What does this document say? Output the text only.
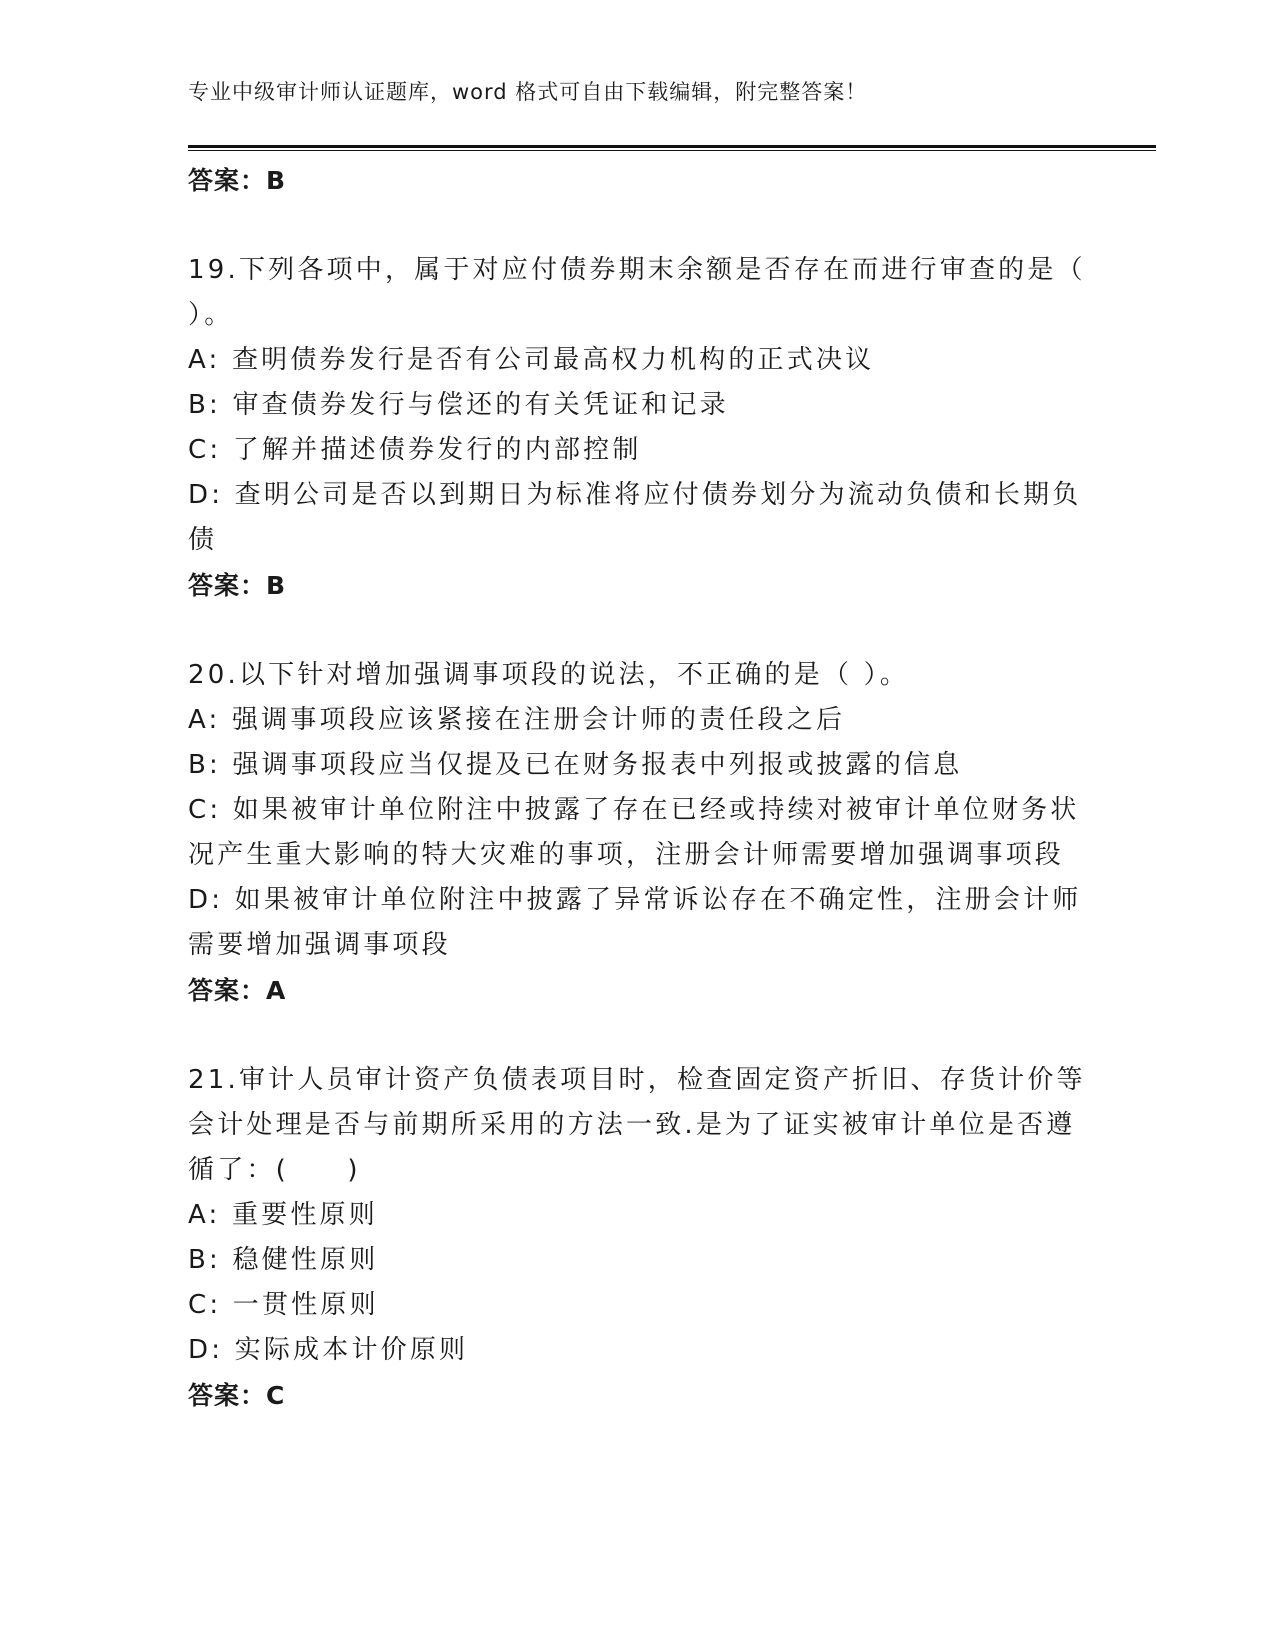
专业中级审计师认证题库，word 格式可自由下载编辑，附完整答案！
答案：B
19.下列各项中，属于对应付债券期末余额是否存在而进行审查的是（
）。
A: 查明债券发行是否有公司最高权力机构的正式决议
B: 审查债券发行与偿还的有关凭证和记录
C: 了解并描述债券发行的内部控制
D: 查明公司是否以到期日为标准将应付债券划分为流动负债和长期负
债
答案：B
20.以下针对增加强调事项段的说法，不正确的是（ ）。
A: 强调事项段应该紧接在注册会计师的责任段之后
B: 强调事项段应当仅提及已在财务报表中列报或披露的信息
C: 如果被审计单位附注中披露了存在已经或持续对被审计单位财务状
况产生重大影响的特大灾难的事项，注册会计师需要增加强调事项段
D: 如果被审计单位附注中披露了异常诉讼存在不确定性，注册会计师
需要增加强调事项段
答案：A
21.审计人员审计资产负债表项目时，检查固定资产折旧、存货计价等
会计处理是否与前期所采用的方法一致.是为了证实被审计单位是否遵
循了：(　　)
A: 重要性原则
B: 稳健性原则
C: 一贯性原则
D: 实际成本计价原则
答案：C
